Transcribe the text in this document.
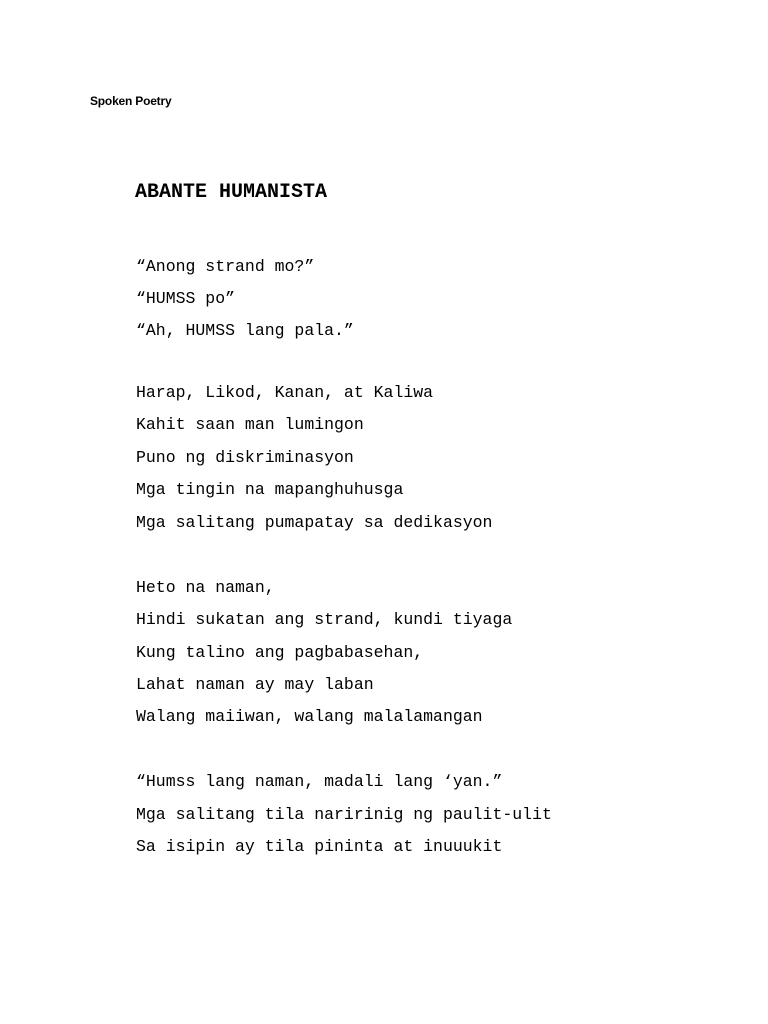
Spoken Poetry
ABANTE HUMANISTA

“Anong strand mo?”

“HUMSS po”

“Ah, HUMSS lang pala.”

Harap, Likod, Kanan, at Kaliwa

Kahit saan man lumingon

Puno ng diskriminasyon

Mga tingin na mapanghuhusga

Mga salitang pumapatay sa dedikasyon

Heto na naman,

Hindi sukatan ang strand, kundi tiyaga

Kung talino ang pagbabasehan,

Lahat naman ay may laban

Walang maiiwan, walang malalamangan

“Humss lang naman, madali lang ‘yan.”

Mga salitang tila naririnig ng paulit-ulit

Sa isipin ay tila pininta at inuuukit
